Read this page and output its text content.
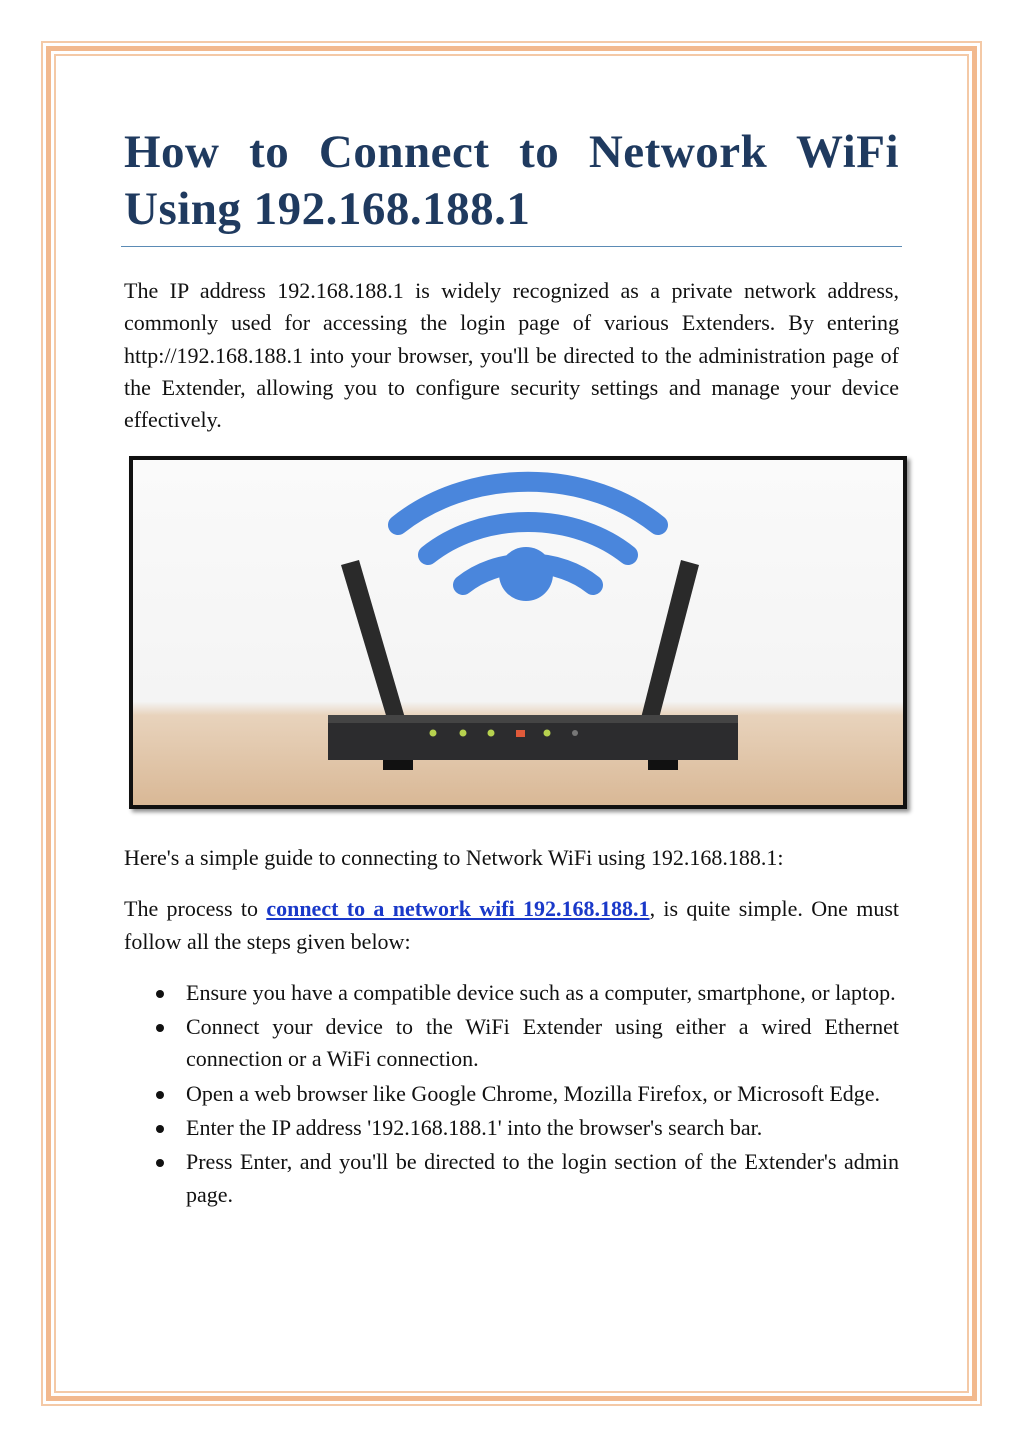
How to Connect to Network WiFi Using 192.168.188.1

The IP address 192.168.188.1 is widely recognized as a private network address, commonly used for accessing the login page of various Extenders. By entering http://192.168.188.1 into your browser, you'll be directed to the administration page of the Extender, allowing you to configure security settings and manage your device effectively.

Here's a simple guide to connecting to Network WiFi using 192.168.188.1:

The process to connect to a network wifi 192.168.188.1, is quite simple. One must follow all the steps given below:

Ensure you have a compatible device such as a computer, smartphone, or laptop.
Connect your device to the WiFi Extender using either a wired Ethernet connection or a WiFi connection.
Open a web browser like Google Chrome, Mozilla Firefox, or Microsoft Edge.
Enter the IP address '192.168.188.1' into the browser's search bar.
Press Enter, and you'll be directed to the login section of the Extender's admin page.
